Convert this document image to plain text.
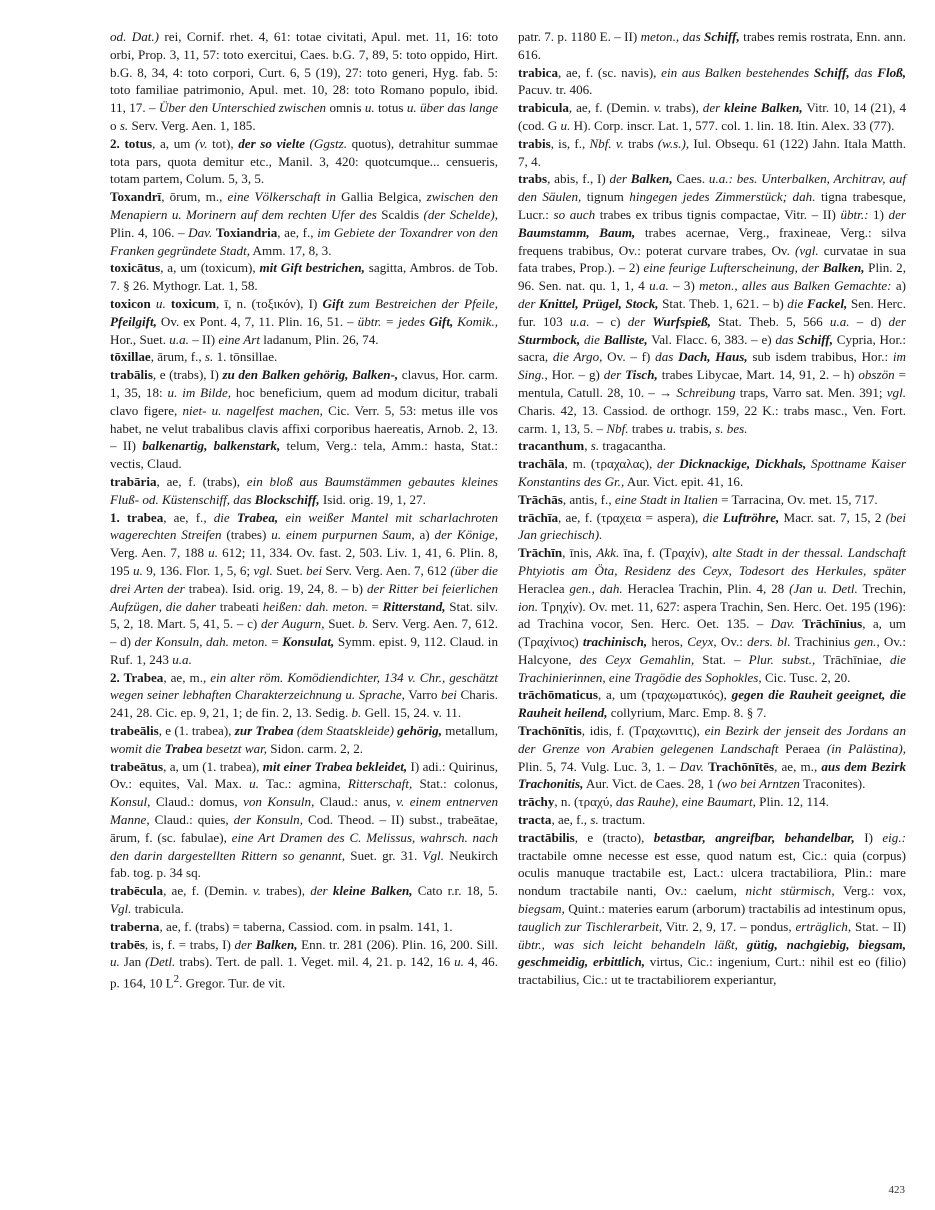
od. Dat.) rei, Cornif. rhet. 4, 61: totae civitati, Apul. met. 11, 16: toto orbi, Prop. 3, 11, 57: toto exercitui, Caes. b.G. 7, 89, 5: toto oppido, Hirt. b.G. 8, 34, 4: toto corpori, Curt. 6, 5 (19), 27: toto generi, Hyg. fab. 5: toto familiae patrimonio, Apul. met. 10, 28: toto Romano populo, ibid. 11, 17. – Über den Unterschied zwischen omnis u. totus u. über das lange o s. Serv. Verg. Aen. 1, 185.

2. totus, a, um (v. tot), der so vielte (Ggstz. quotus), detrahitur summae tota pars, quota demitur etc., Manil. 3, 420: quotcumque... censueris, totam partem, Colum. 5, 3, 5.

Toxandrī, ōrum, m., eine Völkerschaft in Gallia Belgica, zwischen den Menapiern u. Morinern auf dem rechten Ufer des Scaldis (der Schelde), Plin. 4, 106. – Dav. Toxiandria, ae, f., im Gebiete der Toxandrer von den Franken gegründete Stadt, Amm. 17, 8, 3.

toxicātus, a, um (toxicum), mit Gift bestrichen, sagitta, Ambros. de Tob. 7. § 26. Mythogr. Lat. 1, 58.

toxicon u. toxicum, ī, n. (τοξικόν), I) Gift zum Bestreichen der Pfeile, Pfeilgift, Ov. ex Pont. 4, 7, 11. Plin. 16, 51. – übtr. = jedes Gift, Komik., Hor., Suet. u.a. – II) eine Art ladanum, Plin. 26, 74.

tōxillae, ārum, f., s. 1. tōnsillae.

trabālis, e (trabs), I) zu den Balken gehörig, Balken-, clavus, Hor. carm. 1, 35, 18: u. im Bilde, hoc beneficium, quem ad modum dicitur, trabali clavo figere, niet- u. nagelfest machen, Cic. Verr. 5, 53: metus ille vos habet, ne velut trabalibus clavis affixi corporibus haereatis, Arnob. 2, 13. – II) balkenartig, balkenstark, telum, Verg.: tela, Amm.: hasta, Stat.: vectis, Claud.

trabāria, ae, f. (trabs), ein bloß aus Baumstämmen gebautes kleines Fluß- od. Küstenschiff, das Blockschiff, Isid. orig. 19, 1, 27.

1. trabea, ae, f., die Trabea, ein weißer Mantel mit scharlachroten wagerechten Streifen (trabes) u. einem purpurnen Saum, a) der Könige, Verg. Aen. 7, 188 u. 612; 11, 334. Ov. fast. 2, 503. Liv. 1, 41, 6. Plin. 8, 195 u. 9, 136. Flor. 1, 5, 6; vgl. Suet. bei Serv. Verg. Aen. 7, 612 (über die drei Arten der trabea). Isid. orig. 19, 24, 8. – b) der Ritter bei feierlichen Aufzügen, die daher trabeati heißen: dah. meton. = Ritterstand, Stat. silv. 5, 2, 18. Mart. 5, 41, 5. – c) der Augurn, Suet. b. Serv. Verg. Aen. 7, 612. – d) der Konsuln, dah. meton. = Konsulat, Symm. epist. 9, 112. Claud. in Ruf. 1, 243 u.a.

2. Trabea, ae, m., ein alter röm. Komödiendichter, 134 v. Chr., geschätzt wegen seiner lebhaften Charakterzeichnung u. Sprache, Varro bei Charis. 241, 28. Cic. ep. 9, 21, 1; de fin. 2, 13. Sedig. b. Gell. 15, 24. v. 11.

trabeālis, e (1. trabea), zur Trabea (dem Staatskleide) gehörig, metallum, womit die Trabea besetzt war, Sidon. carm. 2, 2.

trabeātus, a, um (1. trabea), mit einer Trabea bekleidet, I) adi.: Quirinus, Ov.: equites, Val. Max. u. Tac.: agmina, Ritterschaft, Stat.: colonus, Konsul, Claud.: domus, von Konsuln, Claud.: anus, v. einem entnerven Manne, Claud.: quies, der Konsuln, Cod. Theod. – II) subst., trabeātae, ārum, f. (sc. fabulae), eine Art Dramen des C. Melissus, wahrsch. nach den darin dargestellten Rittern so genannt, Suet. gr. 31. Vgl. Neukirch fab. tog. p. 34 sq.

trabēcula, ae, f. (Demin. v. trabes), der kleine Balken, Cato r.r. 18, 5. Vgl. trabicula.

traberna, ae, f. (trabs) = taberna, Cassiod. com. in psalm. 141, 1.

trabēs, is, f. = trabs, I) der Balken, Enn. tr. 281 (206). Plin. 16, 200. Sill. u. Jan (Detl. trabs). Tert. de pall. 1. Veget. mil. 4, 21. p. 142, 16 u. 4, 46. p. 164, 10 $L^2$. Gregor. Tur. de vit.

patr. 7. p. 1180 E. – II) meton., das Schiff, trabes remis rostrata, Enn. ann. 616.

trabica, ae, f. (sc. navis), ein aus Balken bestehendes Schiff, das Floß, Pacuv. tr. 406.

trabicula, ae, f. (Demin. v. trabs), der kleine Balken, Vitr. 10, 14 (21), 4 (cod. G u. H). Corp. inscr. Lat. 1, 577. col. 1. lin. 18. Itin. Alex. 33 (77).

trabis, is, f., Nbf. v. trabs (w.s.), Iul. Obsequ. 61 (122) Jahn. Itala Matth. 7, 4.

trabs, abis, f., I) der Balken, Caes. u.a.: bes. Unterbalken, Architrav, auf den Säulen, tignum hingegen jedes Zimmerstück; dah. tigna trabesque, Lucr.: so auch trabes ex tribus tignis compactae, Vitr. – II) übtr.: 1) der Baumstamm, Baum, trabes acernae, Verg., fraxineae, Verg.: silva frequens trabibus, Ov.: poterat curvare trabes, Ov. (vgl. curvatae in sua fata trabes, Prop.). – 2) eine feurige Lufterscheinung, der Balken, Plin. 2, 96. Sen. nat. qu. 1, 1, 4 u.a. – 3) meton., alles aus Balken Gemachte: a) der Knittel, Prügel, Stock, Stat. Theb. 1, 621. – b) die Fackel, Sen. Herc. fur. 103 u.a. – c) der Wurfspieß, Stat. Theb. 5, 566 u.a. – d) der Sturmbock, die Balliste, Val. Flacc. 6, 383. – e) das Schiff, Cypria, Hor.: sacra, die Argo, Ov. – f) das Dach, Haus, sub isdem trabibus, Hor.: im Sing., Hor. – g) der Tisch, trabes Libycae, Mart. 14, 91, 2. – h) obszön = mentula, Catull. 28, 10. – → Schreibung traps, Varro sat. Men. 391; vgl. Charis. 42, 13. Cassiod. de orthogr. 159, 22 K.: trabs masc., Ven. Fort. carm. 1, 13, 5. – Nbf. trabes u. trabis, s. bes.

tracanthum, s. tragacantha.

trachāla, m. (τραχαλας), der Dicknackige, Dickhals, Spottname Kaiser Konstantins des Gr., Aur. Vict. epit. 41, 16.

Trāchās, antis, f., eine Stadt in Italien = Tarracina, Ov. met. 15, 717.

trāchīa, ae, f. (τραχεια = aspera), die Luftröhre, Macr. sat. 7, 15, 2 (bei Jan griechisch).

Trāchīn, īnis, Akk. īna, f. (Τραχίν), alte Stadt in der thessal. Landschaft Phtyiotis am Öta, Residenz des Ceyx, Todesort des Herkules, später Heraclea gen., dah. Heraclea Trachin, Plin. 4, 28 (Jan u. Detl. Trechin, ion. Τρηχίν). Ov. met. 11, 627: aspera Trachin, Sen. Herc. Oet. 195 (196): ad Trachina vocor, Sen. Herc. Oet. 135. – Dav. Trāchīnius, a, um (Τραχίνιος) trachinisch, heros, Ceyx, Ov.: ders. bl. Trachinius gen., Ov.: Halcyone, des Ceyx Gemahlin, Stat. – Plur. subst., Trāchīniae, die Trachinierinnen, eine Tragödie des Sophokles, Cic. Tusc. 2, 20.

trāchōmaticus, a, um (τραχωματικός), gegen die Rauheit geeignet, die Rauheit heilend, collyrium, Marc. Emp. 8. § 7.

Trachōnītis, idis, f. (Τραχωνιτις), ein Bezirk der jenseit des Jordans an der Grenze von Arabien gelegenen Landschaft Peraea (in Palästina), Plin. 5, 74. Vulg. Luc. 3, 1. – Dav. Trachōnītēs, ae, m., aus dem Bezirk Trachonitis, Aur. Vict. de Caes. 28, 1 (wo bei Arntzen Traconites).

trāchy, n. (τραχύ, das Rauhe), eine Baumart, Plin. 12, 114.

tracta, ae, f., s. tractum.

tractābilis, e (tracto), betastbar, angreifbar, behandelbar, I) eig.: tractabile omne necesse est esse, quod natum est, Cic.: quia (corpus) oculis manuque tractabile est, Lact.: ulcera tractabiliora, Plin.: mare nondum tractabile nanti, Ov.: caelum, nicht stürmisch, Verg.: vox, biegsam, Quint.: materies earum (arborum) tractabilis ad intestinum opus, tauglich zur Tischlerarbeit, Vitr. 2, 9, 17. – pondus, erträglich, Stat. – II) übtr., was sich leicht behandeln läßt, gütig, nachgiebig, biegsam, geschmeidig, erbittlich, virtus, Cic.: ingenium, Curt.: nihil est eo (filio) tractabilius, Cic.: ut te tractabiliorem experiantur,

423
